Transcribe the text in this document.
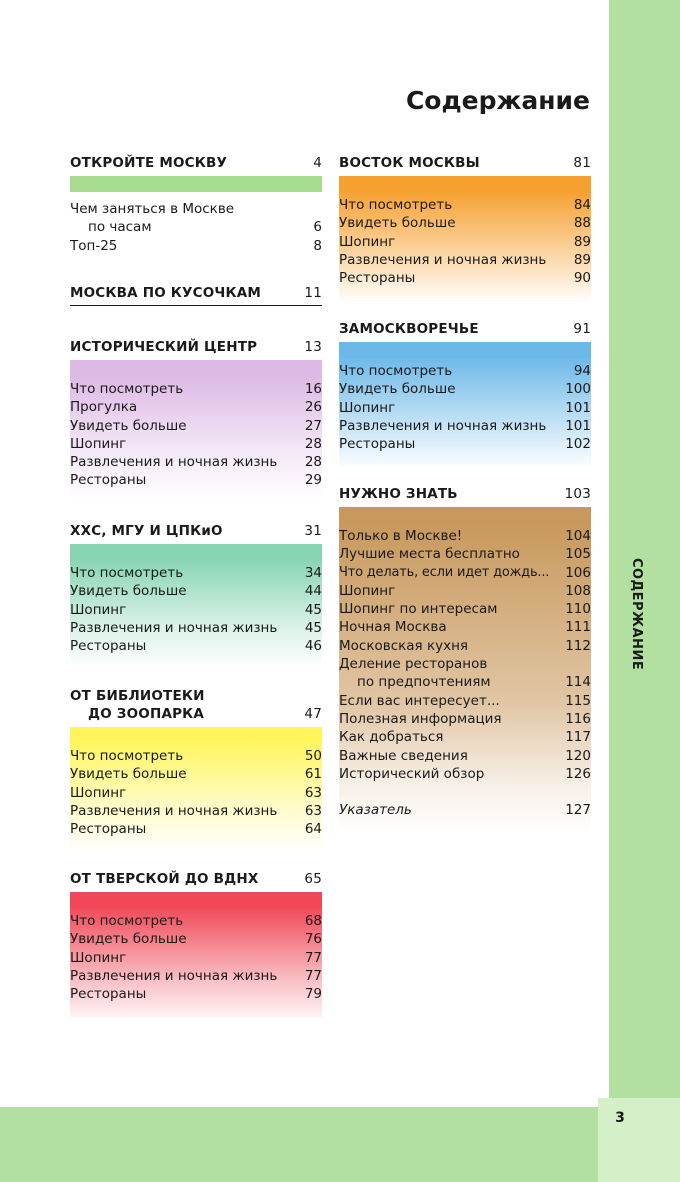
3
СОДЕРЖАНИЕ
Содержание
ОТКРОЙТЕ МОСКВУ	4
Чем заняться в Москве
по часам	6
Топ-25	8
МОСКВА ПО КУСОЧКАМ	11
ИСТОРИЧЕСКИЙ ЦЕНТР	13
Что посмотреть	16
Прогулка	26
Увидеть больше	27
Шопинг	28
Развлечения и ночная жизнь 28
Рестораны	29
ХХС, МГУ И ЦПКиО	31
Что посмотреть	34
Увидеть больше	44
Шопинг	45
Развлечения и ночная жизнь 45
Рестораны	46
ОТ БИБЛИОТЕКИ
ДО ЗООПАРКА	47
Что посмотреть	50
Увидеть больше	61
Шопинг	63
Развлечения и ночная жизнь 63
Рестораны	64
ОТ ТВЕРСКОЙ ДО ВДНХ	65
Что посмотреть	68
Увидеть больше	76
Шопинг	77
Развлечения и ночная жизнь 77
Рестораны	79
ВОСТОК МОСКВЫ	81
Что посмотреть	84
Увидеть больше	88
Шопинг	89
Развлечения и ночная жизнь 89
Рестораны	90
ЗАМОСКВОРЕЧЬЕ	91
Что посмотреть	94
Увидеть больше	100
Шопинг	101
Развлечения и ночная жизнь 101
Рестораны	102
НУЖНО ЗНАТЬ	103
Только в Москве!	104
Лучшие места бесплатно	105
Что делать, если идет дождь... 106
Шопинг	108
Шопинг по интересам	110
Ночная Москва	111
Московская кухня	112
Деление ресторанов
по предпочтениям	114
Если вас интересует...	115
Полезная информация	116
Как добраться	117
Важные сведения	120
Исторический обзор	126
Указатель	127
